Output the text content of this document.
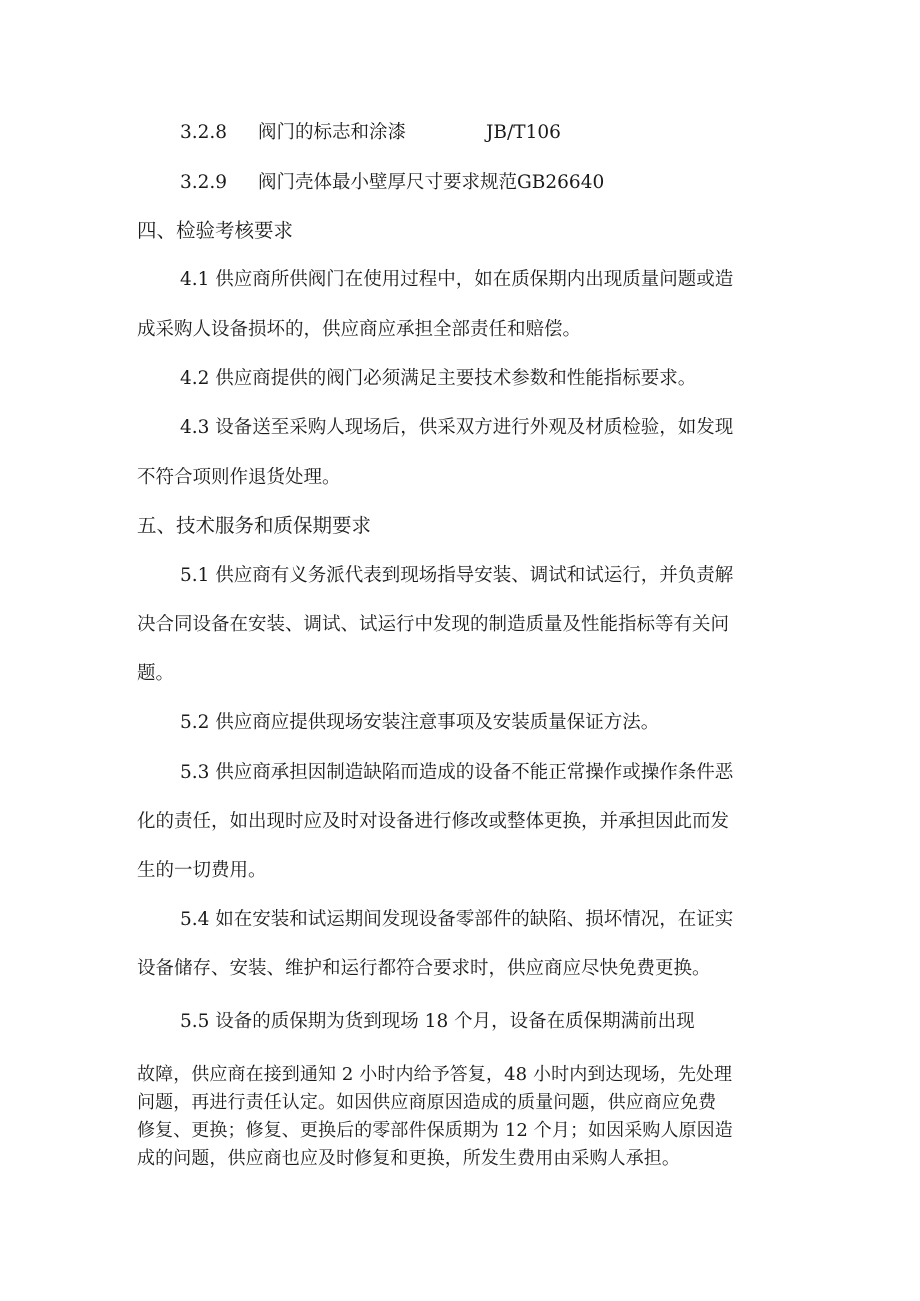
3.2.8 阀门的标志和涂漆	JB/T106
3.2.9 阀门壳体最小壁厚尺寸要求规范GB26640
四、检验考核要求
4.1 供应商所供阀门在使用过程中，如在质保期内出现质量问题或造
成采购人设备损坏的，供应商应承担全部责任和赔偿。
4.2 供应商提供的阀门必须满足主要技术参数和性能指标要求。
4.3 设备送至采购人现场后，供采双方进行外观及材质检验，如发现
不符合项则作退货处理。
五、技术服务和质保期要求
5.1 供应商有义务派代表到现场指导安装、调试和试运行，并负责解
决合同设备在安装、调试、试运行中发现的制造质量及性能指标等有关问
题。
5.2 供应商应提供现场安装注意事项及安装质量保证方法。
5.3 供应商承担因制造缺陷而造成的设备不能正常操作或操作条件恶
化的责任，如出现时应及时对设备进行修改或整体更换，并承担因此而发
生的一切费用。
5.4 如在安装和试运期间发现设备零部件的缺陷、损坏情况，在证实
设备储存、安装、维护和运行都符合要求时，供应商应尽快免费更换。
5.5 设备的质保期为货到现场 18 个月，设备在质保期满前出现
故障，供应商在接到通知 2 小时内给予答复，48 小时内到达现场，先处理
问题，再进行责任认定。如因供应商原因造成的质量问题，供应商应免费
修复、更换；修复、更换后的零部件保质期为 12 个月；如因采购人原因造
成的问题，供应商也应及时修复和更换，所发生费用由采购人承担。
